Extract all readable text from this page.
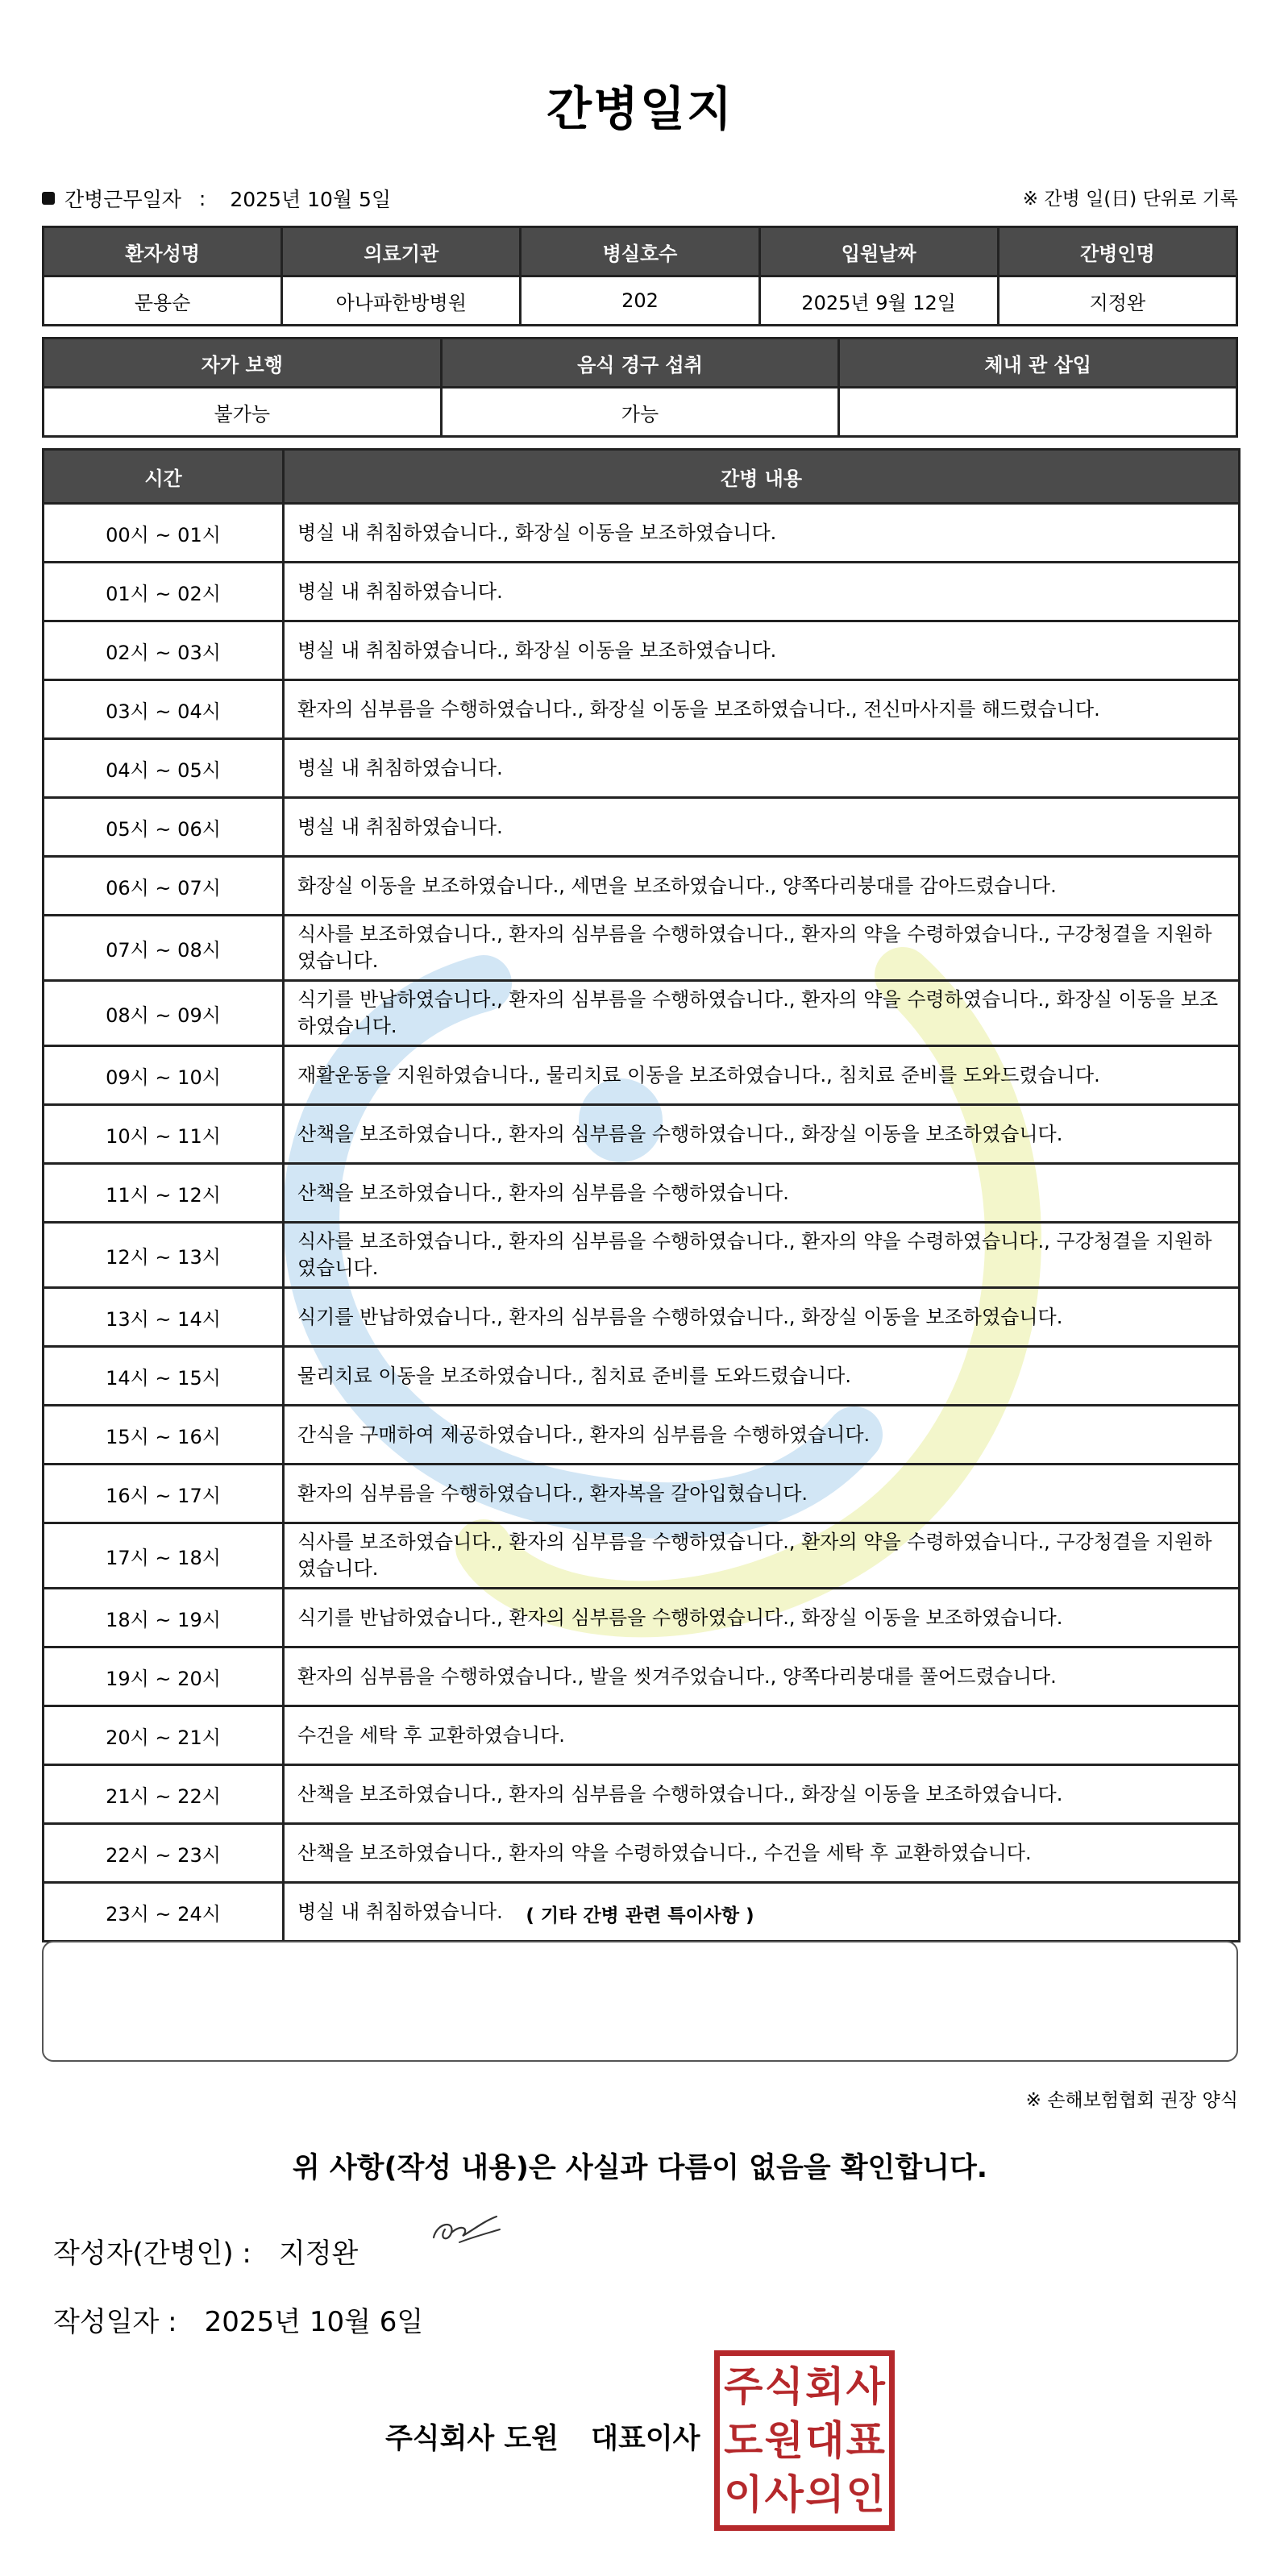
간병일지
간병근무일자 : 2025년 10월 5일	※ 간병 일(日) 단위로 기록
환자성명	의료기관	병실호수	입원날짜	간병인명
문용순	아나파한방병원	202	2025년 9월 12일	지정완
자가 보행	음식 경구 섭취	체내 관 삽입
불가능	가능	
시간	간병 내용
00시 ~ 01시	병실 내 취침하였습니다., 화장실 이동을 보조하였습니다.
01시 ~ 02시	병실 내 취침하였습니다.
02시 ~ 03시	병실 내 취침하였습니다., 화장실 이동을 보조하였습니다.
03시 ~ 04시	환자의 심부름을 수행하였습니다., 화장실 이동을 보조하였습니다., 전신마사지를 해드렸습니다.
04시 ~ 05시	병실 내 취침하였습니다.
05시 ~ 06시	병실 내 취침하였습니다.
06시 ~ 07시	화장실 이동을 보조하였습니다., 세면을 보조하였습니다., 양쪽다리붕대를 감아드렸습니다.
07시 ~ 08시	식사를 보조하였습니다., 환자의 심부름을 수행하였습니다., 환자의 약을 수령하였습니다., 구강청결을 지원하였습니다.
08시 ~ 09시	식기를 반납하였습니다., 환자의 심부름을 수행하였습니다., 환자의 약을 수령하였습니다., 화장실 이동을 보조하였습니다.
09시 ~ 10시	재활운동을 지원하였습니다., 물리치료 이동을 보조하였습니다., 침치료 준비를 도와드렸습니다.
10시 ~ 11시	산책을 보조하였습니다., 환자의 심부름을 수행하였습니다., 화장실 이동을 보조하였습니다.
11시 ~ 12시	산책을 보조하였습니다., 환자의 심부름을 수행하였습니다.
12시 ~ 13시	식사를 보조하였습니다., 환자의 심부름을 수행하였습니다., 환자의 약을 수령하였습니다., 구강청결을 지원하였습니다.
13시 ~ 14시	식기를 반납하였습니다., 환자의 심부름을 수행하였습니다., 화장실 이동을 보조하였습니다.
14시 ~ 15시	물리치료 이동을 보조하였습니다., 침치료 준비를 도와드렸습니다.
15시 ~ 16시	간식을 구매하여 제공하였습니다., 환자의 심부름을 수행하였습니다.
16시 ~ 17시	환자의 심부름을 수행하였습니다., 환자복을 갈아입혔습니다.
17시 ~ 18시	식사를 보조하였습니다., 환자의 심부름을 수행하였습니다., 환자의 약을 수령하였습니다., 구강청결을 지원하였습니다.
18시 ~ 19시	식기를 반납하였습니다., 환자의 심부름을 수행하였습니다., 화장실 이동을 보조하였습니다.
19시 ~ 20시	환자의 심부름을 수행하였습니다., 발을 씻겨주었습니다., 양쪽다리붕대를 풀어드렸습니다.
20시 ~ 21시	수건을 세탁 후 교환하였습니다.
21시 ~ 22시	산책을 보조하였습니다., 환자의 심부름을 수행하였습니다., 화장실 이동을 보조하였습니다.
22시 ~ 23시	산책을 보조하였습니다., 환자의 약을 수령하였습니다., 수건을 세탁 후 교환하였습니다.
23시 ~ 24시	병실 내 취침하였습니다.	( 기타 간병 관련 특이사항 )
※ 손해보험협회 권장 양식
위 사항(작성 내용)은 사실과 다름이 없음을 확인합니다.
작성자(간병인) : 지정완
작성일자 : 2025년 10월 6일
주식회사 도원 대표이사
주 식 회 사
도 원 대 표
이 사 의 인
